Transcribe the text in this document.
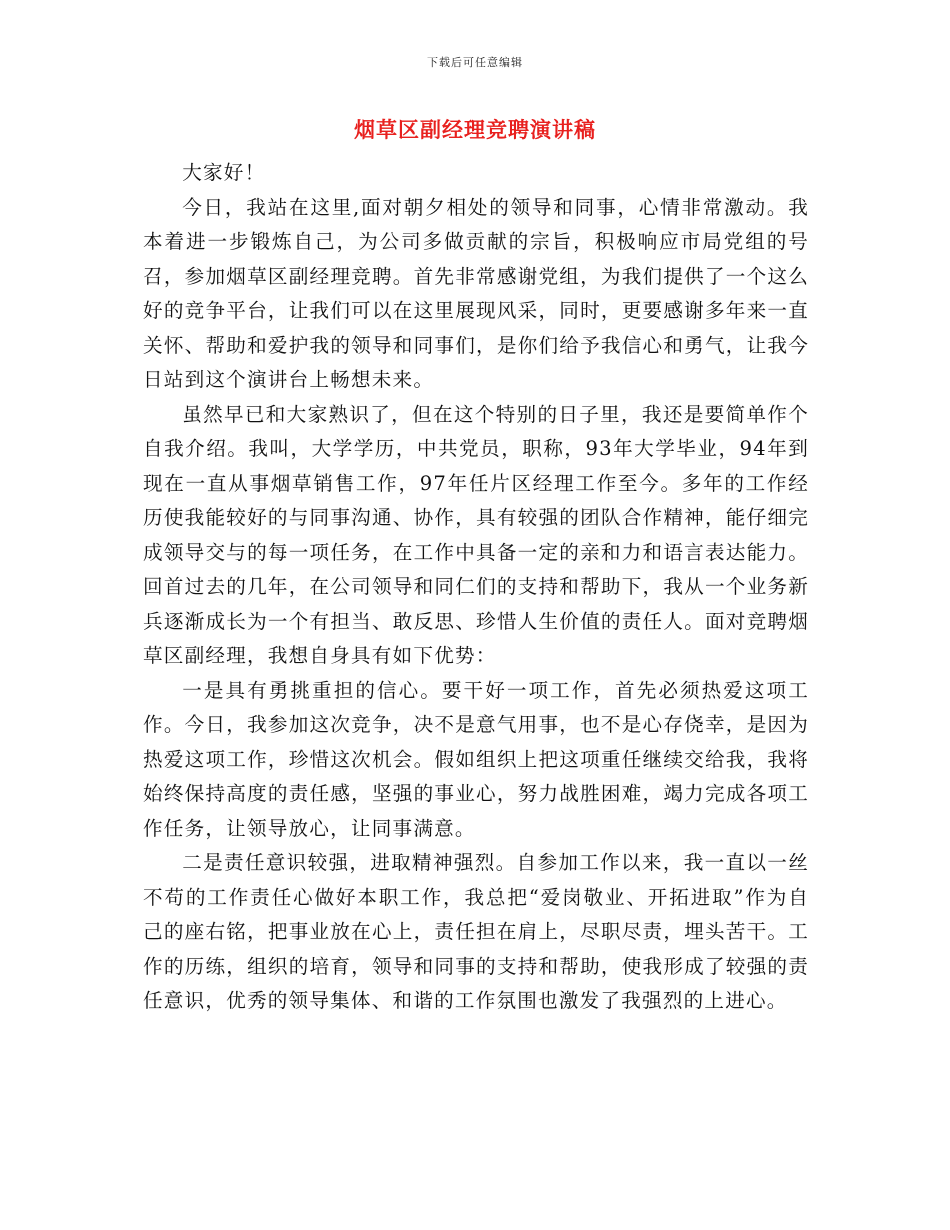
下载后可任意编辑
烟草区副经理竞聘演讲稿

大家好！

今日，我站在这里,面对朝夕相处的领导和同事，心情非常激动。我本着进一步锻炼自己，为公司多做贡献的宗旨，积极响应市局党组的号召，参加烟草区副经理竞聘。首先非常感谢党组，为我们提供了一个这么好的竞争平台，让我们可以在这里展现风采，同时，更要感谢多年来一直关怀、帮助和爱护我的领导和同事们，是你们给予我信心和勇气，让我今日站到这个演讲台上畅想未来。

虽然早已和大家熟识了，但在这个特别的日子里，我还是要简单作个自我介绍。我叫，大学学历，中共党员，职称，93年大学毕业，94年到现在一直从事烟草销售工作，97年任片区经理工作至今。多年的工作经历使我能较好的与同事沟通、协作，具有较强的团队合作精神，能仔细完成领导交与的每一项任务，在工作中具备一定的亲和力和语言表达能力。回首过去的几年，在公司领导和同仁们的支持和帮助下，我从一个业务新兵逐渐成长为一个有担当、敢反思、珍惜人生价值的责任人。面对竞聘烟草区副经理，我想自身具有如下优势：

一是具有勇挑重担的信心。要干好一项工作，首先必须热爱这项工作。今日，我参加这次竞争，决不是意气用事，也不是心存侥幸，是因为热爱这项工作，珍惜这次机会。假如组织上把这项重任继续交给我，我将始终保持高度的责任感，坚强的事业心，努力战胜困难，竭力完成各项工作任务，让领导放心，让同事满意。

二是责任意识较强，进取精神强烈。自参加工作以来，我一直以一丝不苟的工作责任心做好本职工作，我总把“爱岗敬业、开拓进取”作为自己的座右铭，把事业放在心上，责任担在肩上，尽职尽责，埋头苦干。工作的历练，组织的培育，领导和同事的支持和帮助，使我形成了较强的责任意识，优秀的领导集体、和谐的工作氛围也激发了我强烈的上进心。
